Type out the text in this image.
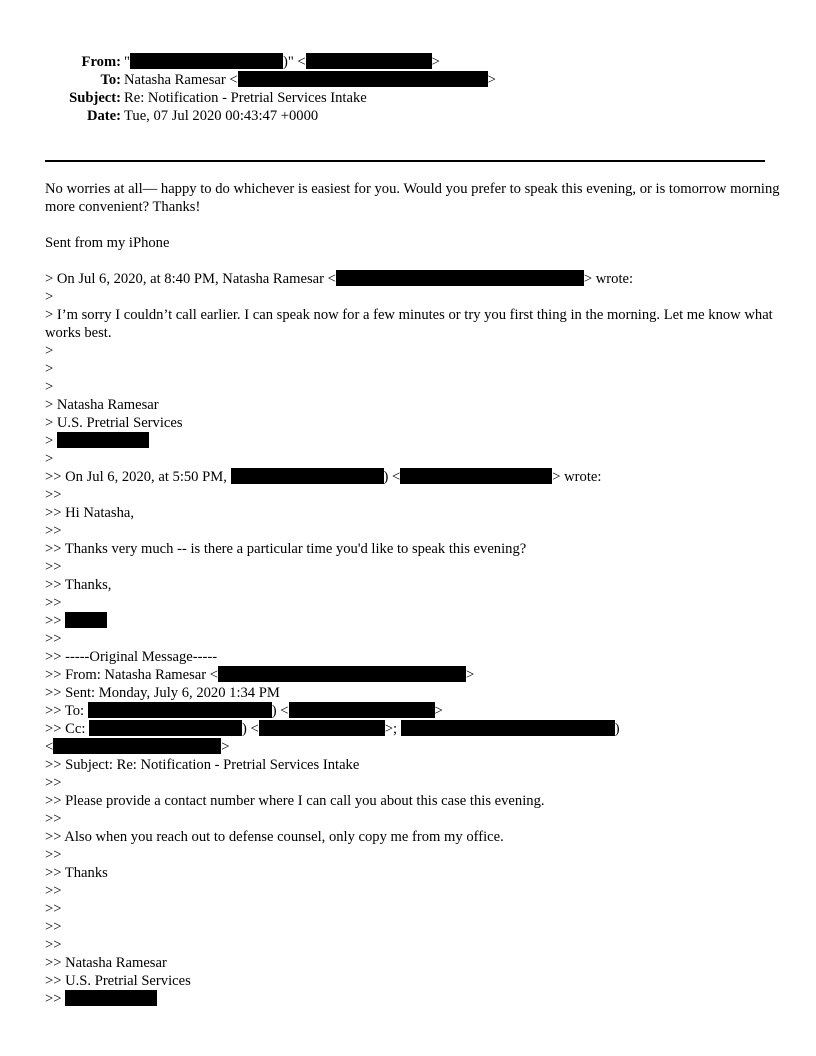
From: "	)" <	>
To: Natasha Ramesar <	>
Subject: Re: Notification - Pretrial Services Intake
Date: Tue, 07 Jul 2020 00:43:47 +0000
No worries at all— happy to do whichever is easiest for you. Would you prefer to speak this evening, or is tomorrow morning more convenient? Thanks!
Sent from my iPhone
> On Jul 6, 2020, at 8:40 PM, Natasha Ramesar <	> wrote:
>
> I’m sorry I couldn’t call earlier. I can speak now for a few minutes or try you first thing in the morning. Let me know what works best.
>
>
>
> Natasha Ramesar
> U.S. Pretrial Services
>
>
>> On Jul 6, 2020, at 5:50 PM,	) <	> wrote:
>>
>> Hi Natasha,
>>
>> Thanks very much -- is there a particular time you'd like to speak this evening?
>>
>> Thanks,
>>
>>
>>
>> -----Original Message-----
>> From: Natasha Ramesar <	>
>> Sent: Monday, July 6, 2020 1:34 PM
>> To:	) <	>
>> Cc:	) <	>;	)
<	>
>> Subject: Re: Notification - Pretrial Services Intake
>>
>> Please provide a contact number where I can call you about this case this evening.
>>
>> Also when you reach out to defense counsel, only copy me from my office.
>>
>> Thanks
>>
>>
>>
>>
>> Natasha Ramesar
>> U.S. Pretrial Services
>>
